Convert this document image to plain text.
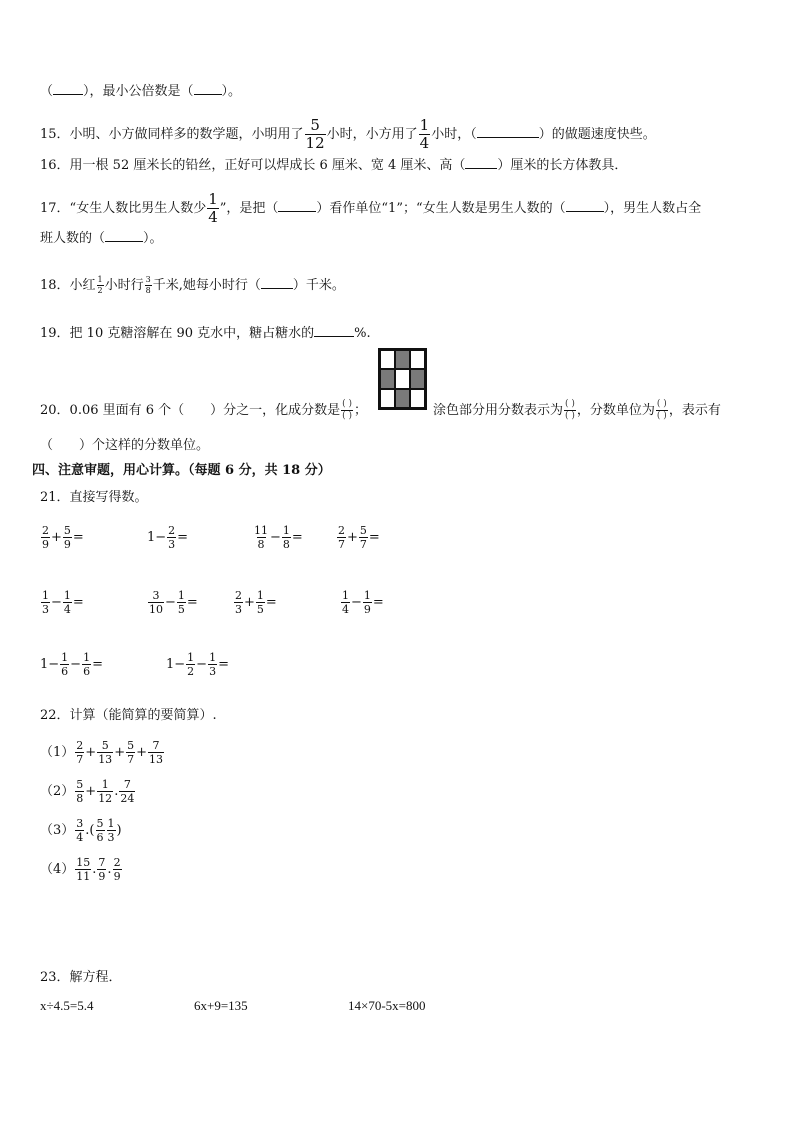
（ ），最小公倍数是（ ）。
15．小明、小方做同样多的数学题，小明用了 $\frac{5}{12}$ 小时，小方用了 $\frac{1}{4}$ 小时，（	）的做题速度快些。
16．用一根 52 厘米长的铅丝，正好可以焊成长 6 厘米、宽 4 厘米、高（ ）厘米的长方体教具．
17．“女生人数比男生人数少 $\frac{1}{4}$ ”，是把（	）看作单位“1”；“女生人数是男生人数的（	），男生人数占全
班人数的（	）。
18．小红 $\frac{1}{2}$ 小时行 $\frac{3}{8}$ 千米,她每小时行（ ）千米。
19．把 10 克糖溶解在 90 克水中，糖占糖水的	%.
20．0.06 里面有 6 个（　　）分之一，化成分数是 $\frac{( )}{( )}$ ；	涂色部分用分数表示为 $\frac{( )}{( )}$ ，分数单位为 $\frac{( )}{( )}$ ，表示有
（　　）个这样的分数单位。
四、注意审题，用心计算。（每题 6 分，共 18 分）
21．直接写得数。
$\frac{2}{9} + \frac{5}{9}$ =	$1- \frac{2}{3}$ =	$\frac{11}{8} - \frac{1}{8}$ =	$\frac{2}{7} + \frac{5}{7}$ =
$\frac{1}{3} - \frac{1}{4}$ =	$\frac{3}{10} - \frac{1}{5}$ =	$\frac{2}{3} + \frac{1}{5}$ =	$\frac{1}{4} - \frac{1}{9}$ =
$1- \frac{1}{6} - \frac{1}{6}$ =	$1- \frac{1}{2} - \frac{1}{3}$ =
22．计算（能简算的要简算）.
$(1) \frac{2}{7} + \frac{5}{13} + \frac{5}{7} + \frac{7}{13}$
$(2) \frac{5}{8} + \frac{1}{12}$ . $\frac{7}{24}$
$(3) \frac{3}{4}$ .( $\frac{5}{6} \frac{1}{3}$ )
$(4) \frac{15}{11}$ . $\frac{7}{9}$ . $\frac{2}{9}$
23．解方程．
x÷4.5=5.4	6x+9=135	14×70-5x=800
